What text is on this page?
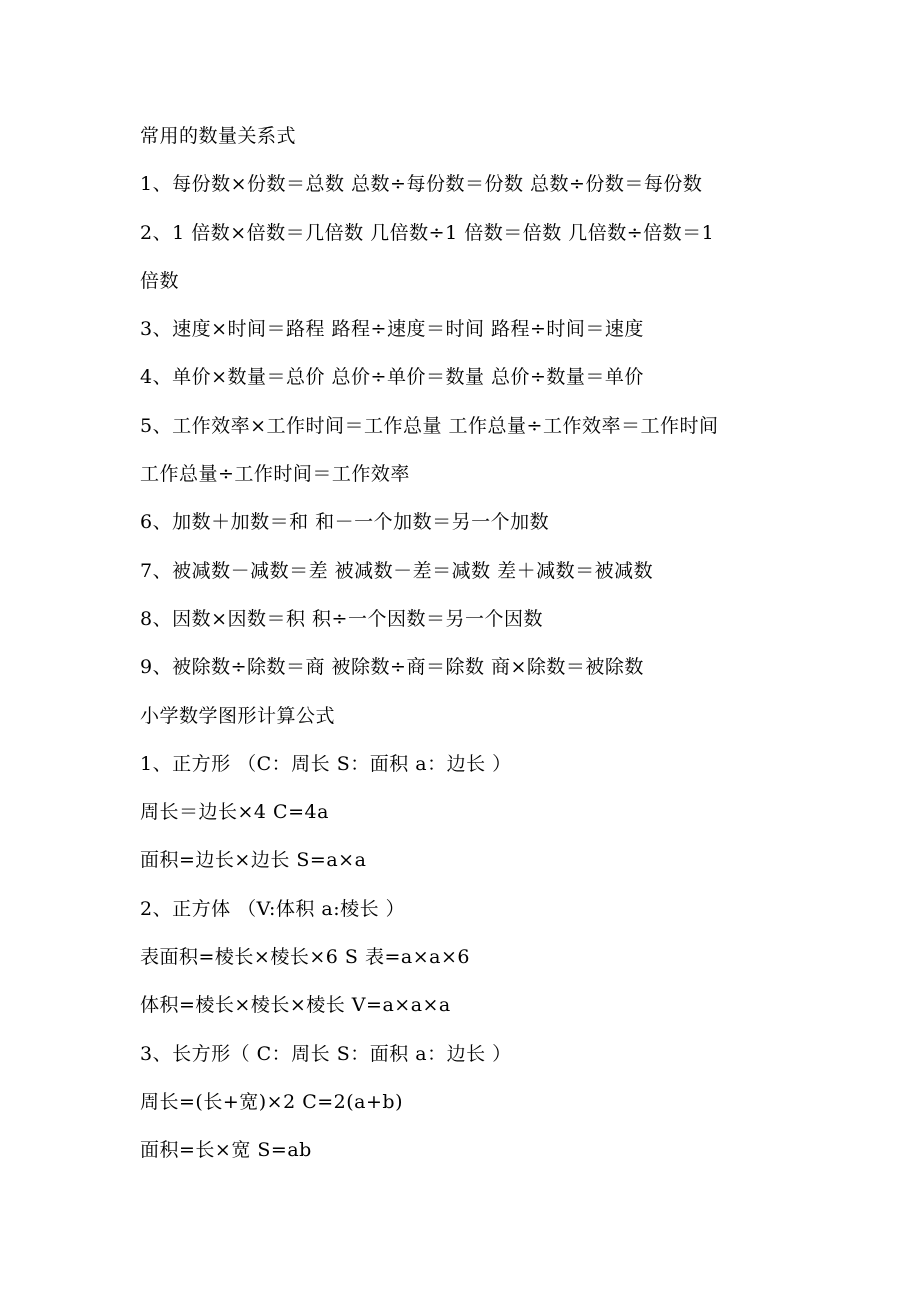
常用的数量关系式
1、每份数×份数＝总数 总数÷每份数＝份数 总数÷份数＝每份数
2、1 倍数×倍数＝几倍数 几倍数÷1 倍数＝倍数 几倍数÷倍数＝1
倍数
3、速度×时间＝路程 路程÷速度＝时间 路程÷时间＝速度
4、单价×数量＝总价 总价÷单价＝数量 总价÷数量＝单价
5、工作效率×工作时间＝工作总量 工作总量÷工作效率＝工作时间
工作总量÷工作时间＝工作效率
6、加数＋加数＝和 和－一个加数＝另一个加数
7、被减数－减数＝差 被减数－差＝减数 差＋减数＝被减数
8、因数×因数＝积 积÷一个因数＝另一个因数
9、被除数÷除数＝商 被除数÷商＝除数 商×除数＝被除数
小学数学图形计算公式
1、正方形 （C：周长 S：面积 a：边长 ）
周长＝边长×4 C=4a
面积=边长×边长 S=a×a
2、正方体 （V:体积 a:棱长 ）
表面积=棱长×棱长×6 S 表=a×a×6
体积=棱长×棱长×棱长 V=a×a×a
3、长方形（ C：周长 S：面积 a：边长 ）
周长=(长+宽)×2 C=2(a+b)
面积=长×宽 S=ab
